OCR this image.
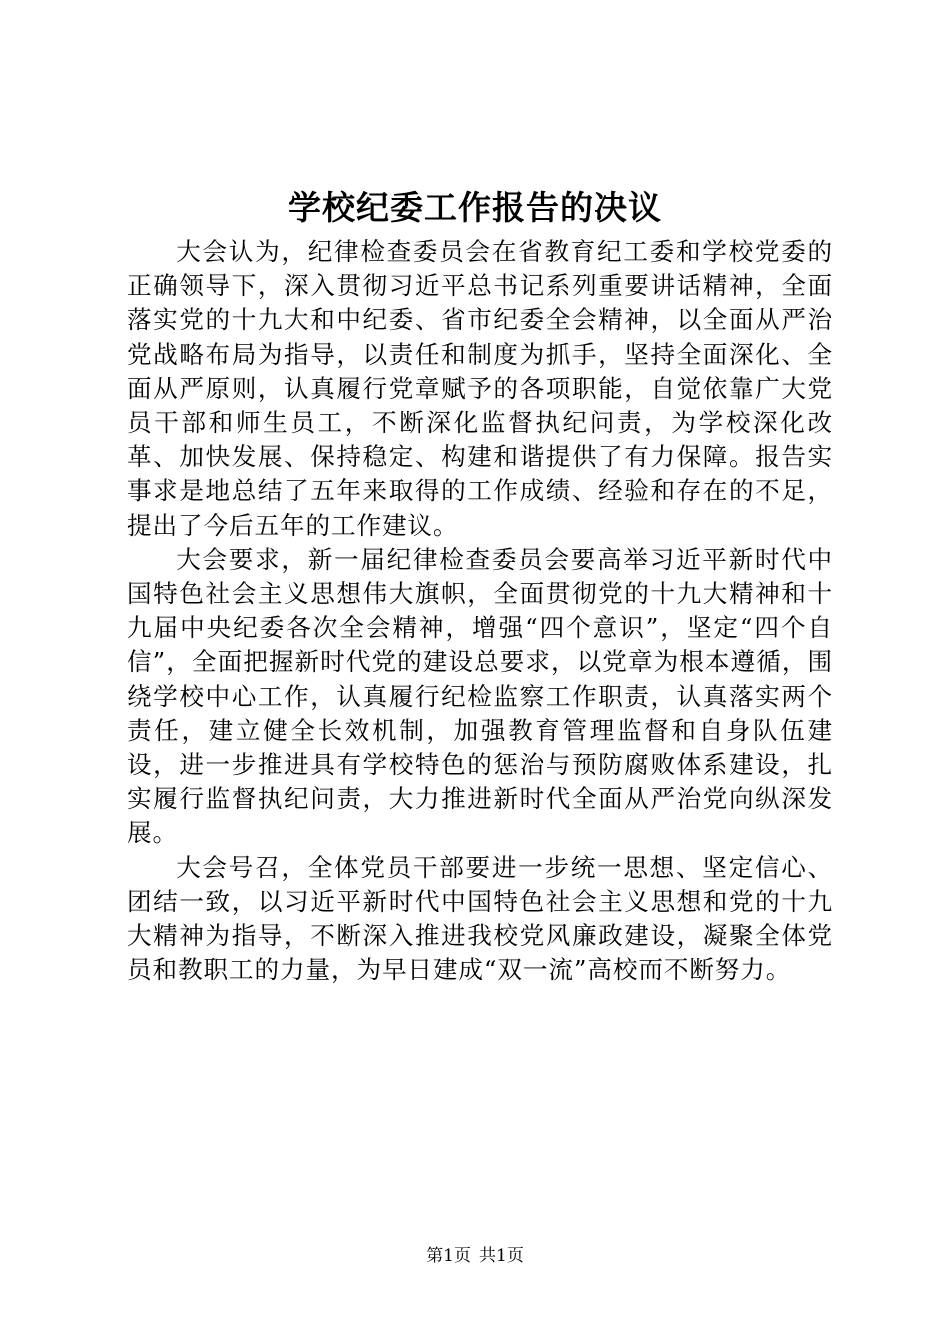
学校纪委工作报告的决议

大会认为，纪律检查委员会在省教育纪工委和学校党委的正确领导下，深入贯彻习近平总书记系列重要讲话精神，全面落实党的十九大和中纪委、省市纪委全会精神，以全面从严治党战略布局为指导，以责任和制度为抓手，坚持全面深化、全面从严原则，认真履行党章赋予的各项职能，自觉依靠广大党员干部和师生员工，不断深化监督执纪问责，为学校深化改革、加快发展、保持稳定、构建和谐提供了有力保障。报告实事求是地总结了五年来取得的工作成绩、经验和存在的不足，提出了今后五年的工作建议。

大会要求，新一届纪律检查委员会要高举习近平新时代中国特色社会主义思想伟大旗帜，全面贯彻党的十九大精神和十九届中央纪委各次全会精神，增强“四个意识”，坚定“四个自信”，全面把握新时代党的建设总要求，以党章为根本遵循，围绕学校中心工作，认真履行纪检监察工作职责，认真落实两个责任，建立健全长效机制，加强教育管理监督和自身队伍建设，进一步推进具有学校特色的惩治与预防腐败体系建设，扎实履行监督执纪问责，大力推进新时代全面从严治党向纵深发展。

大会号召，全体党员干部要进一步统一思想、坚定信心、团结一致，以习近平新时代中国特色社会主义思想和党的十九大精神为指导，不断深入推进我校党风廉政建设，凝聚全体党员和教职工的力量，为早日建成“双一流”高校而不断努力。

第1页 共1页
